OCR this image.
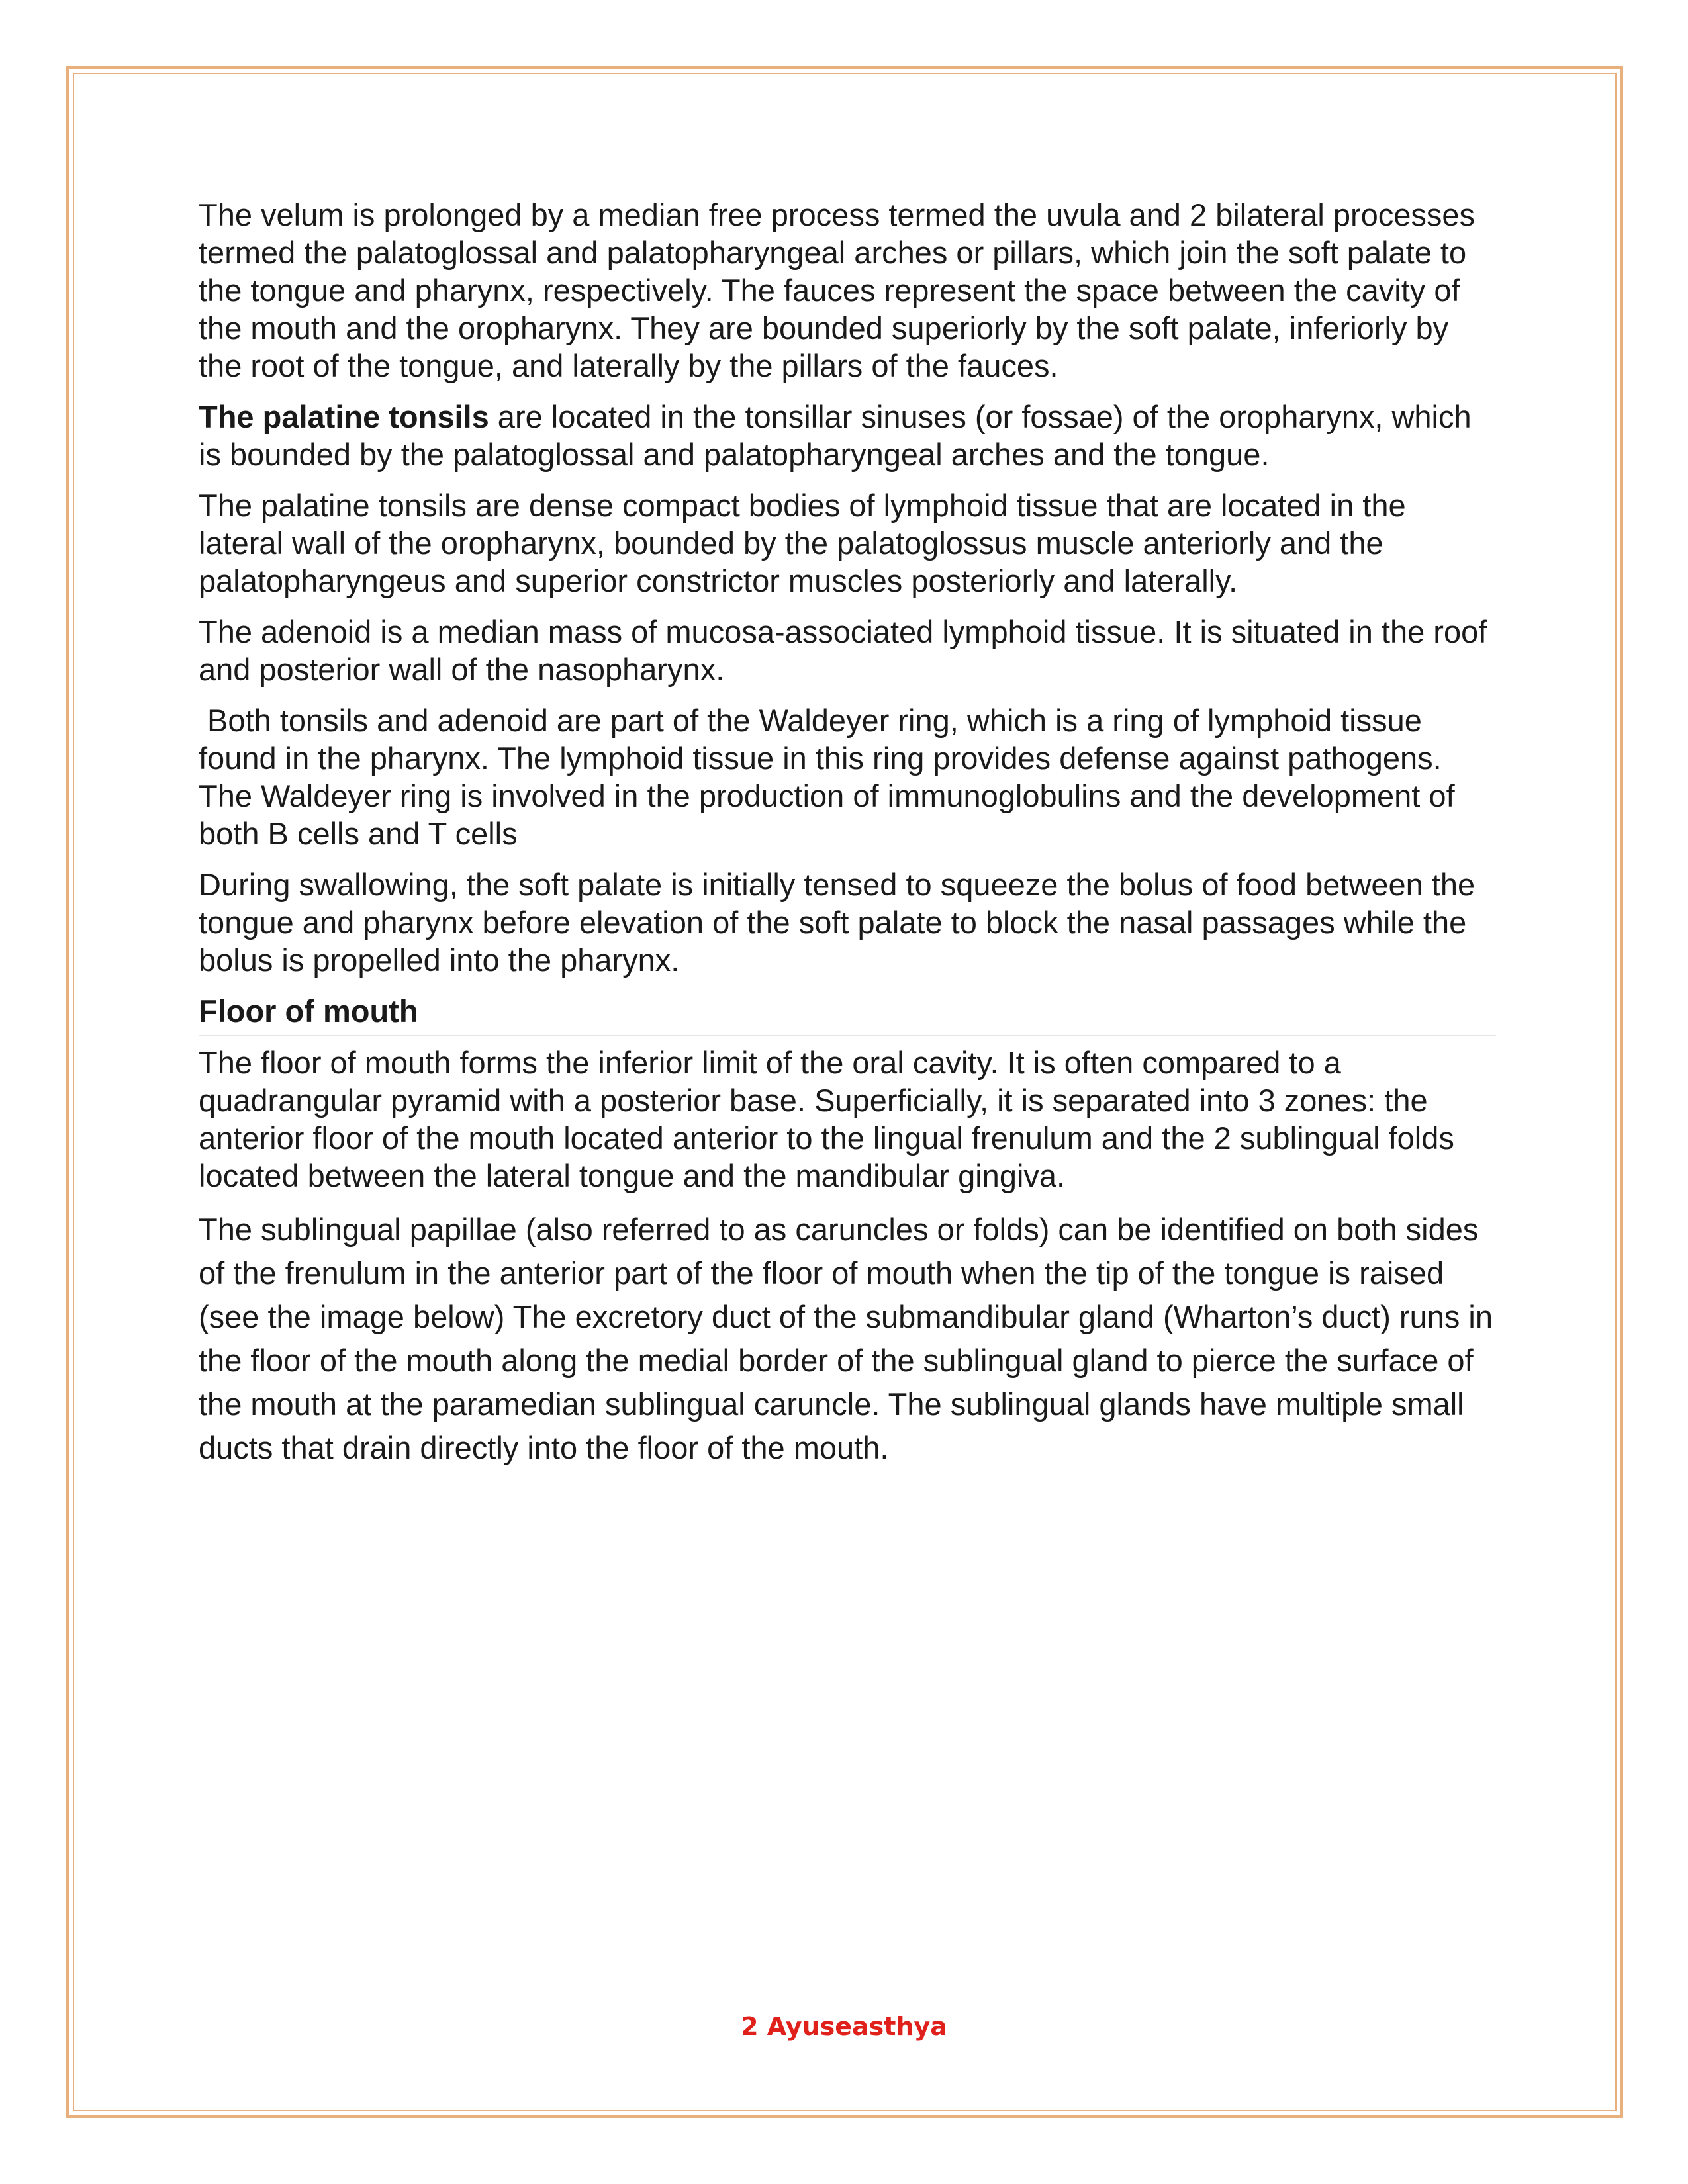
The velum is prolonged by a median free process termed the uvula and 2 bilateral processes termed the palatoglossal and palatopharyngeal arches or pillars, which join the soft palate to the tongue and pharynx, respectively. The fauces represent the space between the cavity of the mouth and the oropharynx. They are bounded superiorly by the soft palate, inferiorly by the root of the tongue, and laterally by the pillars of the fauces.

The palatine tonsils are located in the tonsillar sinuses (or fossae) of the oropharynx, which is bounded by the palatoglossal and palatopharyngeal arches and the tongue.

The palatine tonsils are dense compact bodies of lymphoid tissue that are located in the lateral wall of the oropharynx, bounded by the palatoglossus muscle anteriorly and the palatopharyngeus and superior constrictor muscles posteriorly and laterally.

The adenoid is a median mass of mucosa-associated lymphoid tissue. It is situated in the roof and posterior wall of the nasopharynx.

Both tonsils and adenoid are part of the Waldeyer ring, which is a ring of lymphoid tissue found in the pharynx. The lymphoid tissue in this ring provides defense against pathogens. The Waldeyer ring is involved in the production of immunoglobulins and the development of both B cells and T cells

During swallowing, the soft palate is initially tensed to squeeze the bolus of food between the tongue and pharynx before elevation of the soft palate to block the nasal passages while the bolus is propelled into the pharynx.

Floor of mouth

The floor of mouth forms the inferior limit of the oral cavity. It is often compared to a quadrangular pyramid with a posterior base. Superficially, it is separated into 3 zones: the anterior floor of the mouth located anterior to the lingual frenulum and the 2 sublingual folds located between the lateral tongue and the mandibular gingiva.

The sublingual papillae (also referred to as caruncles or folds) can be identified on both sides of the frenulum in the anterior part of the floor of mouth when the tip of the tongue is raised (see the image below) The excretory duct of the submandibular gland (Wharton’s duct) runs in the floor of the mouth along the medial border of the sublingual gland to pierce the surface of the mouth at the paramedian sublingual caruncle. The sublingual glands have multiple small ducts that drain directly into the floor of the mouth.

2 Ayuseasthya
